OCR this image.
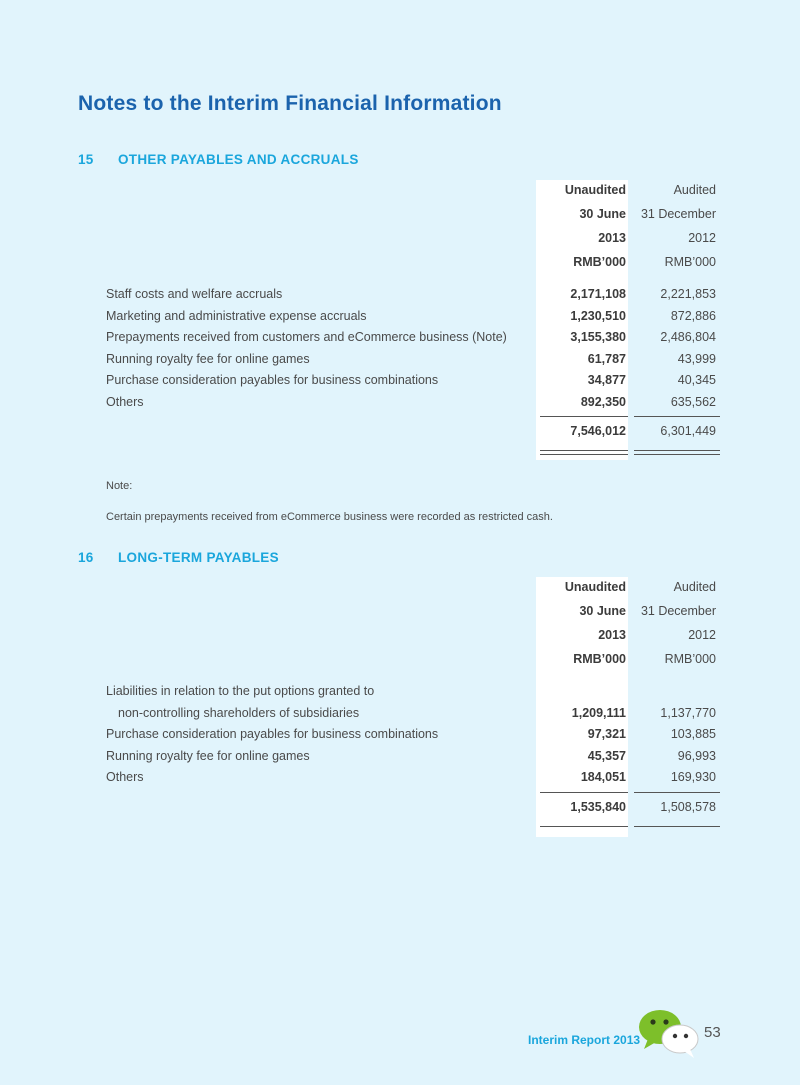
Notes to the Interim Financial Information
15 OTHER PAYABLES AND ACCRUALS
Unaudited	Audited
30 June 31 December
2013	2012
RMB’000	RMB’000
Staff costs and welfare accruals	2,171,108	2,221,853
Marketing and administrative expense accruals	1,230,510	872,886
Prepayments received from customers and eCommerce business (Note)	3,155,380	2,486,804
Running royalty fee for online games	61,787	43,999
Purchase consideration payables for business combinations	34,877	40,345
Others	892,350	635,562
7,546,012	6,301,449
Note:
Certain prepayments received from eCommerce business were recorded as restricted cash.
16 LONG-TERM PAYABLES
Unaudited	Audited
30 June 31 December
2013	2012
RMB’000	RMB’000
Liabilities in relation to the put options granted to
non-controlling shareholders of subsidiaries	1,209,111	1,137,770
Purchase consideration payables for business combinations	97,321	103,885
Running royalty fee for online games	45,357	96,993
Others	184,051	169,930
1,535,840	1,508,578
Interim Report 2013	53
